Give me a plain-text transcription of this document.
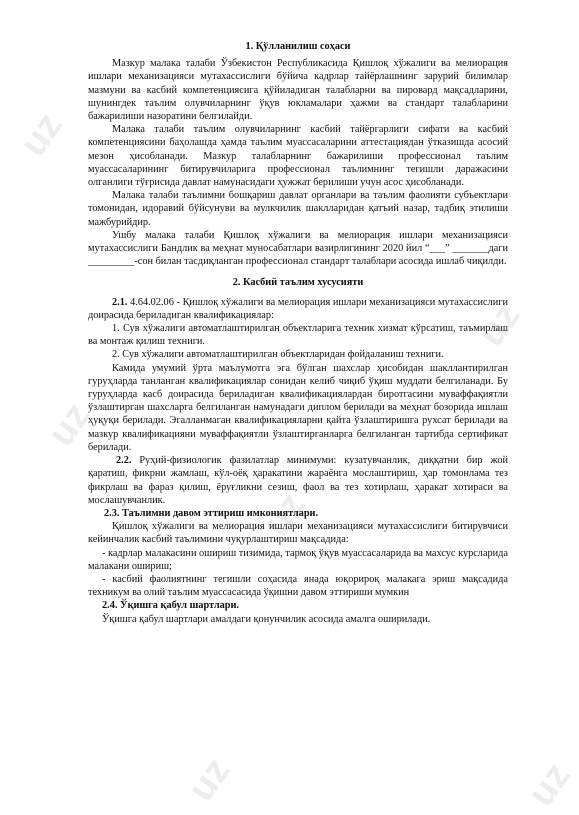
uz
uz
uz
uz
uz	uz
1. Қўлланилиш соҳаси

Мазкур малака талаби Ўзбекистон Республикасида Қишлоқ хўжалиги ва мелиорация ишлари механизацияси мутахассислиги бўйича кадрлар тайёрлашнинг зарурий билимлар мазмуни ва касбий компетенциясига қўйиладиган талабларни ва пировард мақсадларини, шунингдек таълим олувчиларнинг ўқув юкламалари ҳажми ва стандарт талабларини бажарилиши назоратини белгилайди.

Малака талаби таълим олувчиларнинг касбий тайёргарлиги сифати ва касбий компетенциясини баҳолашда ҳамда таълим муассасаларини аттестациядан ўтказишда асосий мезон ҳисобланади. Мазкур талабларнинг бажарилиши профессионал таълим муассасаларининг битирувчиларига профессионал таълимнинг тегишли даражасини олганлиги тўғрисида давлат намунасидаги ҳужжат берилиши учун асос ҳисобланади.

Малака талаби таълимни бошқариш давлат органлари ва таълим фаолияти субъектлари томонидан, идоравий бўйсунуви ва мулкчилик шаклларидан қатъий назар, тадбиқ этилиши мажбурийдир.

Ушбу малака талаби Қишлоқ хўжалиги ва мелиорация ишлари механизацияси мутахассислиги Бандлик ва меҳнат муносабатлари вазирлигининг 2020 йил “___” _______даги _________-сон билан тасдиқланган профессионал стандарт талаблари асосида ишлаб чиқилди.

2. Касбий таълим хусусияти

2.1. 4.64.02.06 - Қишлоқ хўжалиги ва мелиорация ишлари механизацияси мутахассислиги доирасида бериладиган квалификациялар:

1. Сув хўжалиги автоматлаштирилган объектларига техник хизмат кўрсатиш, таъмирлаш ва монтаж қилиш техниги.

2. Сув хўжалиги автоматлаштирилган объектларидан фойдаланиш техниги.

Камида умумий ўрта маълумотга эга бўлган шахслар ҳисобидан шакллантирилган гуруҳларда танланган квалификациялар сонидан келиб чиқиб ўқиш муддати белгиланади. Бу гуруҳларда касб доирасида бериладиган квалификациялардан биротгасини муваффақиятли ўзлаштирган шахсларга белгиланган намунадаги диплом берилади ва меҳнат бозорида ишлаш ҳуқуқи берилади. Эгалланмаган квалификацияларни қайта ўзлаштиришга рухсат берилади ва мазкур квалификацияни муваффақиятли ўзлаштирганларга белгиланган тартибда сертификат берилади.

2.2. Руҳий-физиологик фазилатлар минимуми: кузатувчанлик, диққатни бир жой қаратиш, фикрни жамлаш, кўл-оёқ ҳаракатини жараёнга мослаштириш, ҳар томонлама тез фикрлаш ва фараз қилиш, ёруғликни сезиш, фаол ва тез хотирлаш, ҳаракат хотираси ва мослашувчанлик.

2.3. Таълимни давом эттириш имкониятлари.

Қишлоқ хўжалиги ва мелиорация ишлари механизацияси мутахассислиги битирувчиси кейинчалик касбий таълимини чуқурлаштириш мақсадида:

- кадрлар малакасини ошириш тизимида, тармоқ ўқув муассасаларида ва махсус курсларида малакани ошириш;

- касбий фаолиятнинг тегишли соҳасида янада юқорироқ малакага эриш мақсадида техникум ва олий таълим муассасасида ўқишни давом эттириши мумкин

2.4. Ўқишга қабул шартлари.

Ўқишга қабул шартлари амалдаги қонунчилик асосида амалга оширилади.
